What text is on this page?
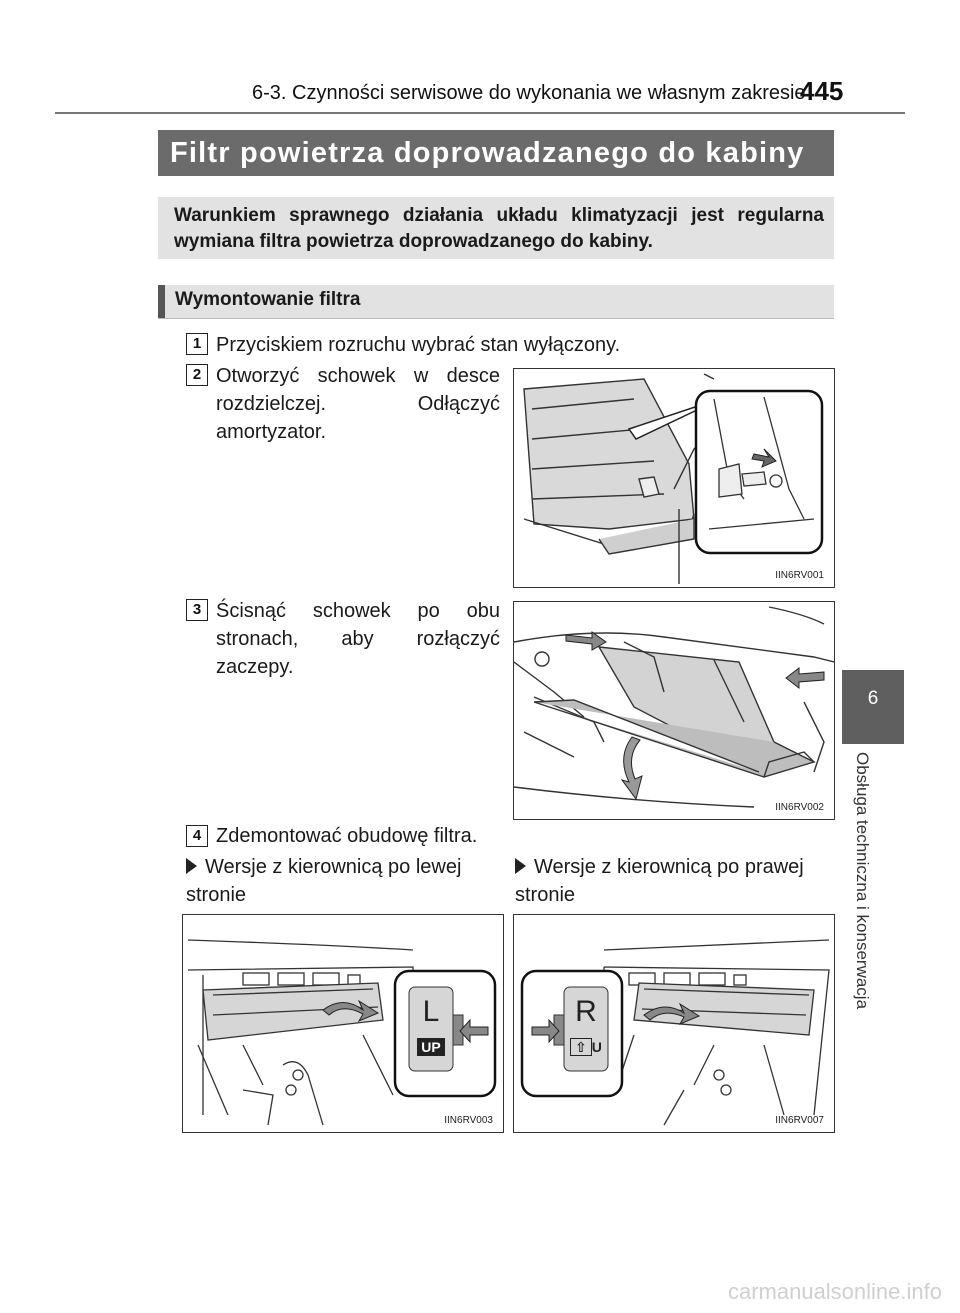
6-3. Czynności serwisowe do wykonania we własnym zakresie
445
6
Obsługa techniczna i konserwacja
Filtr powietrza doprowadzanego do kabiny
Warunkiem sprawnego działania układu klimatyzacji jest regularna wymiana filtra powietrza doprowadzanego do kabiny.
Wymontowanie filtra
1 Przyciskiem rozruchu wybrać stan wyłączony.
2 Otworzyć schowek w desce rozdzielczej. Odłączyć amortyzator.
IIN6RV001
3 Ścisnąć schowek po obu stronach, aby rozłączyć zaczepy.
IIN6RV002
4 Zdemontować obudowę filtra.
Wersje z kierownicą po lewej stronie
Wersje z kierownicą po prawej stronie
L
UP
IIN6RV003
R
⇧ U
IIN6RV007
carmanualsonline.info
